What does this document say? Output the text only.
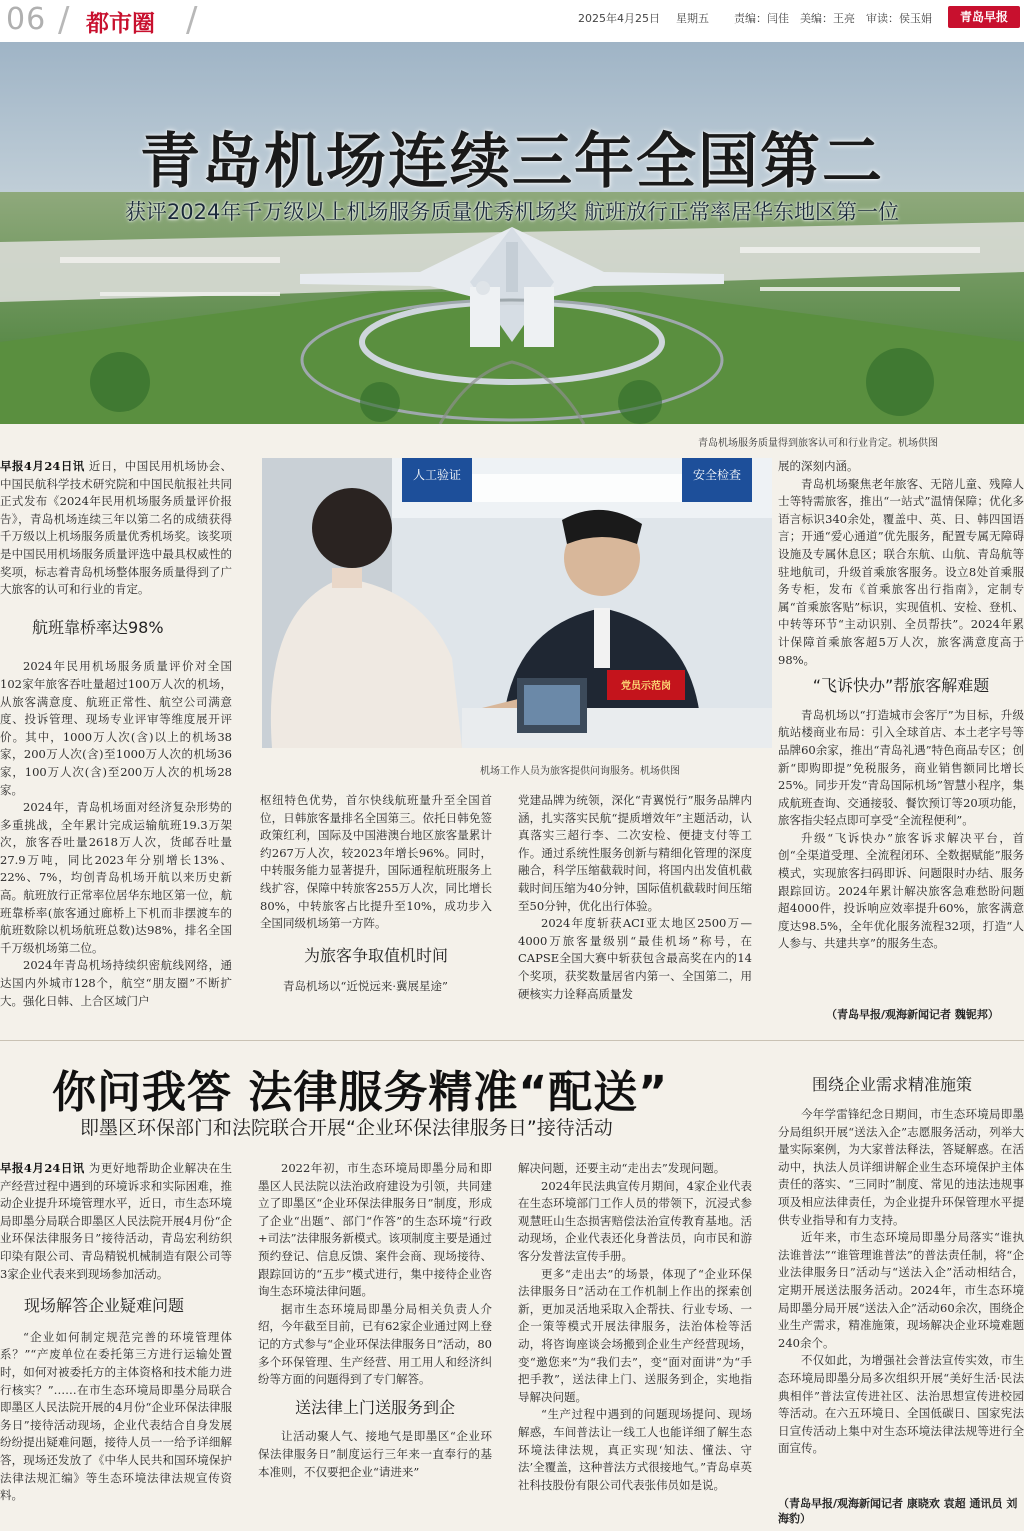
06 / 都市圈 /	2025年4月25日 星期五 责编：闫佳 美编：王亮 审读：侯玉娟	青岛早报
青岛机场连续三年全国第二
获评2024年千万级以上机场服务质量优秀机场奖 航班放行正常率居华东地区第一位
青岛机场服务质量得到旅客认可和行业肯定。机场供图

早报4月24日讯 近日，中国民用机场协会、中国民航科学技术研究院和中国民航报社共同正式发布《2024年民用机场服务质量评价报告》，青岛机场连续三年以第二名的成绩获得千万级以上机场服务质量优秀机场奖。该奖项是中国民用机场服务质量评选中最具权威性的奖项，标志着青岛机场整体服务质量得到了广大旅客的认可和行业的肯定。

航班靠桥率达98%

2024年民用机场服务质量评价对全国102家年旅客吞吐量超过100万人次的机场，从旅客满意度、航班正常性、航空公司满意度、投诉管理、现场专业评审等维度展开评价。其中，1000万人次(含)以上的机场38家，200万人次(含)至1000万人次的机场36家，100万人次(含)至200万人次的机场28家。

2024年，青岛机场面对经济复杂形势的多重挑战，全年累计完成运输航班19.3万架次，旅客吞吐量2618万人次，货邮吞吐量27.9万吨，同比2023年分别增长13%、22%、7%，均创青岛机场开航以来历史新高。航班放行正常率位居华东地区第一位，航班靠桥率(旅客通过廊桥上下机而非摆渡车的航班数除以机场航班总数)达98%，排名全国千万级机场第二位。

2024年青岛机场持续织密航线网络，通达国内外城市128个，航空“朋友圈”不断扩大。强化日韩、上合区域门户

人工验证	安全检查
党员示范岗
机场工作人员为旅客提供问询服务。机场供图

枢纽特色优势，首尔快线航班量升至全国首位，日韩旅客量排名全国第三。依托日韩免签政策红利，国际及中国港澳台地区旅客量累计约267万人次，较2023年增长96%。同时，中转服务能力显著提升，国际通程航班服务上线扩容，保障中转旅客255万人次，同比增长80%，中转旅客占比提升至10%，成功步入全国同级机场第一方阵。

为旅客争取值机时间

青岛机场以“近悦远来·冀展星途”

党建品牌为统领，深化“青翼悦行”服务品牌内涵，扎实落实民航“提质增效年”主题活动，认真落实三超行李、二次安检、便捷支付等工作。通过系统性服务创新与精细化管理的深度融合，科学压缩截载时间，将国内出发值机截载时间压缩为40分钟，国际值机截载时间压缩至50分钟，优化出行体验。

2024年度斩获ACI亚太地区2500万—4000万旅客量级别“最佳机场”称号，在CAPSE全国大赛中斩获包含最高奖在内的14个奖项，获奖数量居省内第一、全国第二，用硬核实力诠释高质量发

展的深刻内涵。

青岛机场聚焦老年旅客、无陪儿童、残障人士等特需旅客，推出“一站式”温情保障；优化多语言标识340余处，覆盖中、英、日、韩四国语言；开通“爱心通道”优先服务，配置专属无障碍设施及专属休息区；联合东航、山航、青岛航等驻地航司，升级首乘旅客服务。设立8处首乘服务专柜，发布《首乘旅客出行指南》，定制专属“首乘旅客贴”标识，实现值机、安检、登机、中转等环节“主动识别、全员帮扶”。2024年累计保障首乘旅客超5万人次，旅客满意度高于98%。

“飞诉快办”帮旅客解难题

青岛机场以“打造城市会客厅”为目标，升级航站楼商业布局：引入全球首店、本土老字号等品牌60余家，推出“青岛礼遇”特色商品专区；创新“即购即提”免税服务，商业销售额同比增长25%。同步开发“青岛国际机场”智慧小程序，集成航班查询、交通接驳、餐饮预订等20项功能，旅客指尖轻点即可享受“全流程便利”。

升级“飞诉快办”旅客诉求解决平台，首创“全渠道受理、全流程闭环、全数据赋能”服务模式，实现旅客扫码即诉、问题限时办结、服务跟踪回访。2024年累计解决旅客急难愁盼问题超4000件，投诉响应效率提升60%，旅客满意度达98.5%，全年优化服务流程32项，打造“人人参与、共建共享”的服务生态。

（青岛早报/观海新闻记者 魏铌邦）
你问我答 法律服务精准“配送”
即墨区环保部门和法院联合开展“企业环保法律服务日”接待活动

早报4月24日讯 为更好地帮助企业解决在生产经营过程中遇到的环境诉求和实际困难，推动企业提升环境管理水平，近日，市生态环境局即墨分局联合即墨区人民法院开展4月份“企业环保法律服务日”接待活动，青岛宏利纺织印染有限公司、青岛精锐机械制造有限公司等3家企业代表来到现场参加活动。

现场解答企业疑难问题

“企业如何制定规范完善的环境管理体系？”“产废单位在委托第三方进行运输处置时，如何对被委托方的主体资格和技术能力进行核实？”……在市生态环境局即墨分局联合即墨区人民法院开展的4月份“企业环保法律服务日”接待活动现场，企业代表结合自身发展纷纷提出疑难问题，接待人员一一给予详细解答，现场还发放了《中华人民共和国环境保护法律法规汇编》等生态环境法律法规宣传资料。

2022年初，市生态环境局即墨分局和即墨区人民法院以法治政府建设为引领，共同建立了即墨区“企业环保法律服务日”制度，形成了企业“出题”、部门“作答”的生态环境“行政+司法”法律服务新模式。该项制度主要是通过预约登记、信息反馈、案件会商、现场接待、跟踪回访的“五步”模式进行，集中接待企业咨询生态环境法律问题。

据市生态环境局即墨分局相关负责人介绍，今年截至目前，已有62家企业通过网上登记的方式参与“企业环保法律服务日”活动，80多个环保管理、生产经营、用工用人和经济纠纷等方面的问题得到了专门解答。

送法律上门送服务到企

让活动聚人气、接地气是即墨区“企业环保法律服务日”制度运行三年来一直奉行的基本准则，不仅要把企业“请进来”

解决问题，还要主动“走出去”发现问题。

2024年民法典宣传月期间，4家企业代表在生态环境部门工作人员的带领下，沉浸式参观慧旺山生态损害赔偿法治宣传教育基地。活动现场，企业代表还化身普法员，向市民和游客分发普法宣传手册。

更多“走出去”的场景，体现了“企业环保法律服务日”活动在工作机制上作出的探索创新，更加灵活地采取入企帮扶、行业专场、一企一策等模式开展法律服务，法治体检等活动，将咨询座谈会场搬到企业生产经营现场，变“邀您来”为“我们去”，变“面对面讲”为“手把手教”，送法律上门、送服务到企，实地指导解决问题。

“生产过程中遇到的问题现场提问、现场解惑，车间普法让一线工人也能详细了解生态环境法律法规，真正实现‘知法、懂法、守法’全覆盖，这种普法方式很接地气。”青岛卓英社科技股份有限公司代表张伟员如是说。

围绕企业需求精准施策

今年学雷锋纪念日期间，市生态环境局即墨分局组织开展“送法入企”志愿服务活动，列举大量实际案例，为大家普法释法，答疑解惑。在活动中，执法人员详细讲解企业生态环境保护主体责任的落实、“三同时”制度、常见的违法违规事项及相应法律责任，为企业提升环保管理水平提供专业指导和有力支持。

近年来，市生态环境局即墨分局落实“谁执法谁普法”“谁管理谁普法”的普法责任制，将“企业法律服务日”活动与“送法入企”活动相结合，定期开展送法服务活动。2024年，市生态环境局即墨分局开展“送法入企”活动60余次，围绕企业生产需求，精准施策，现场解决企业环境难题240余个。

不仅如此，为增强社会普法宣传实效，市生态环境局即墨分局多次组织开展“美好生活·民法典相伴”普法宣传进社区、法治思想宣传进校园等活动。在六五环境日、全国低碳日、国家宪法日宣传活动上集中对生态环境法律法规等进行全面宣传。

（青岛早报/观海新闻记者 康晓欢 袁超 通讯员 刘海豹）
